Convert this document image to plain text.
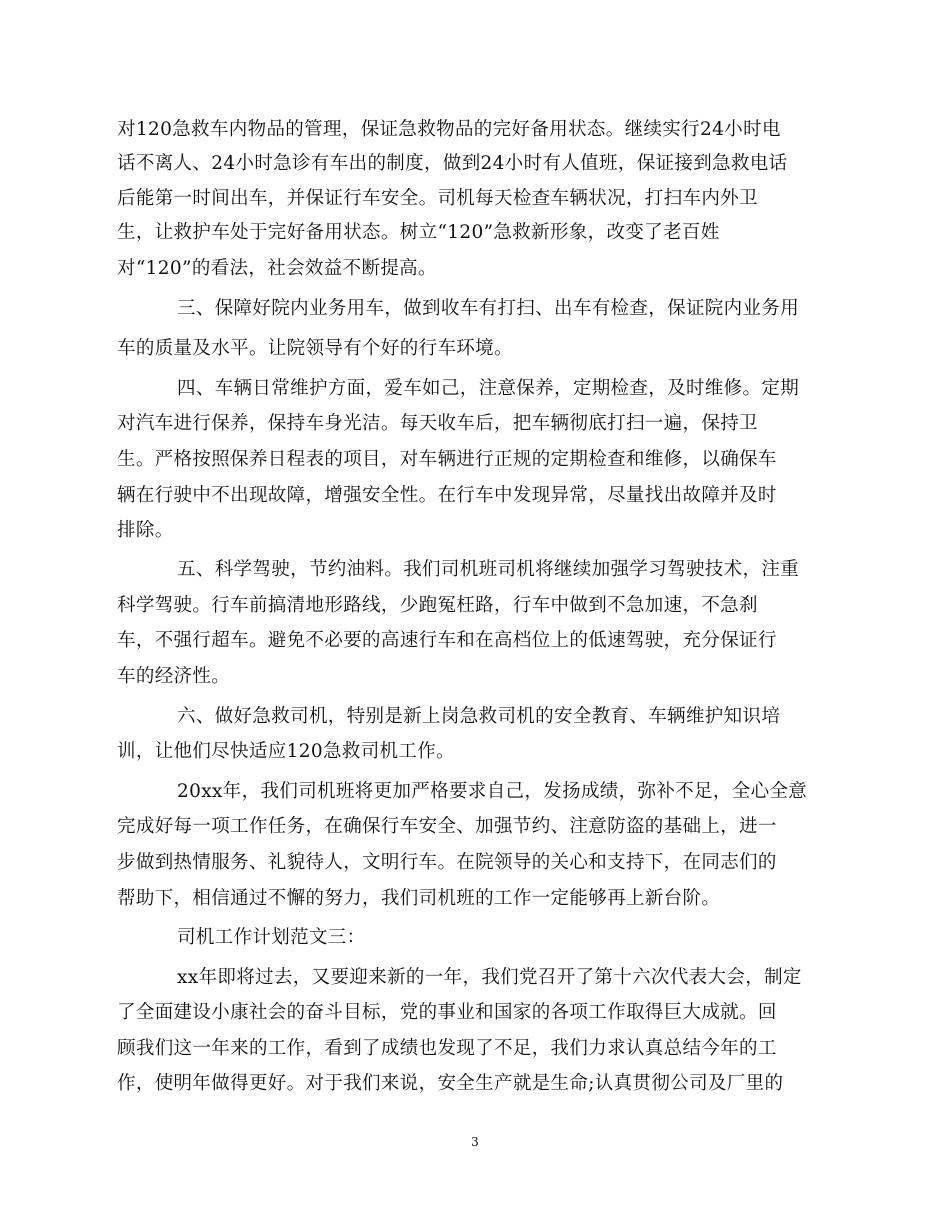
对120急救车内物品的管理，保证急救物品的完好备用状态。继续实行24小时电
话不离人、24小时急诊有车出的制度，做到24小时有人值班，保证接到急救电话
后能第一时间出车，并保证行车安全。司机每天检查车辆状况，打扫车内外卫
生，让救护车处于完好备用状态。树立“120”急救新形象，改变了老百姓
对“120”的看法，社会效益不断提高。
三、保障好院内业务用车，做到收车有打扫、出车有检查，保证院内业务用
车的质量及水平。让院领导有个好的行车环境。
四、车辆日常维护方面，爱车如己，注意保养，定期检查，及时维修。定期
对汽车进行保养，保持车身光洁。每天收车后，把车辆彻底打扫一遍，保持卫
生。严格按照保养日程表的项目，对车辆进行正规的定期检查和维修，以确保车
辆在行驶中不出现故障，增强安全性。在行车中发现异常，尽量找出故障并及时
排除。
五、科学驾驶，节约油料。我们司机班司机将继续加强学习驾驶技术，注重
科学驾驶。行车前搞清地形路线，少跑冤枉路，行车中做到不急加速，不急刹
车，不强行超车。避免不必要的高速行车和在高档位上的低速驾驶，充分保证行
车的经济性。
六、做好急救司机，特别是新上岗急救司机的安全教育、车辆维护知识培
训，让他们尽快适应120急救司机工作。
20xx年，我们司机班将更加严格要求自己，发扬成绩，弥补不足，全心全意
完成好每一项工作任务，在确保行车安全、加强节约、注意防盗的基础上，进一
步做到热情服务、礼貌待人，文明行车。在院领导的关心和支持下，在同志们的
帮助下，相信通过不懈的努力，我们司机班的工作一定能够再上新台阶。
司机工作计划范文三：
xx年即将过去，又要迎来新的一年，我们党召开了第十六次代表大会，制定
了全面建设小康社会的奋斗目标，党的事业和国家的各项工作取得巨大成就。回
顾我们这一年来的工作，看到了成绩也发现了不足，我们力求认真总结今年的工
作，使明年做得更好。对于我们来说，安全生产就是生命;认真贯彻公司及厂里的
3
